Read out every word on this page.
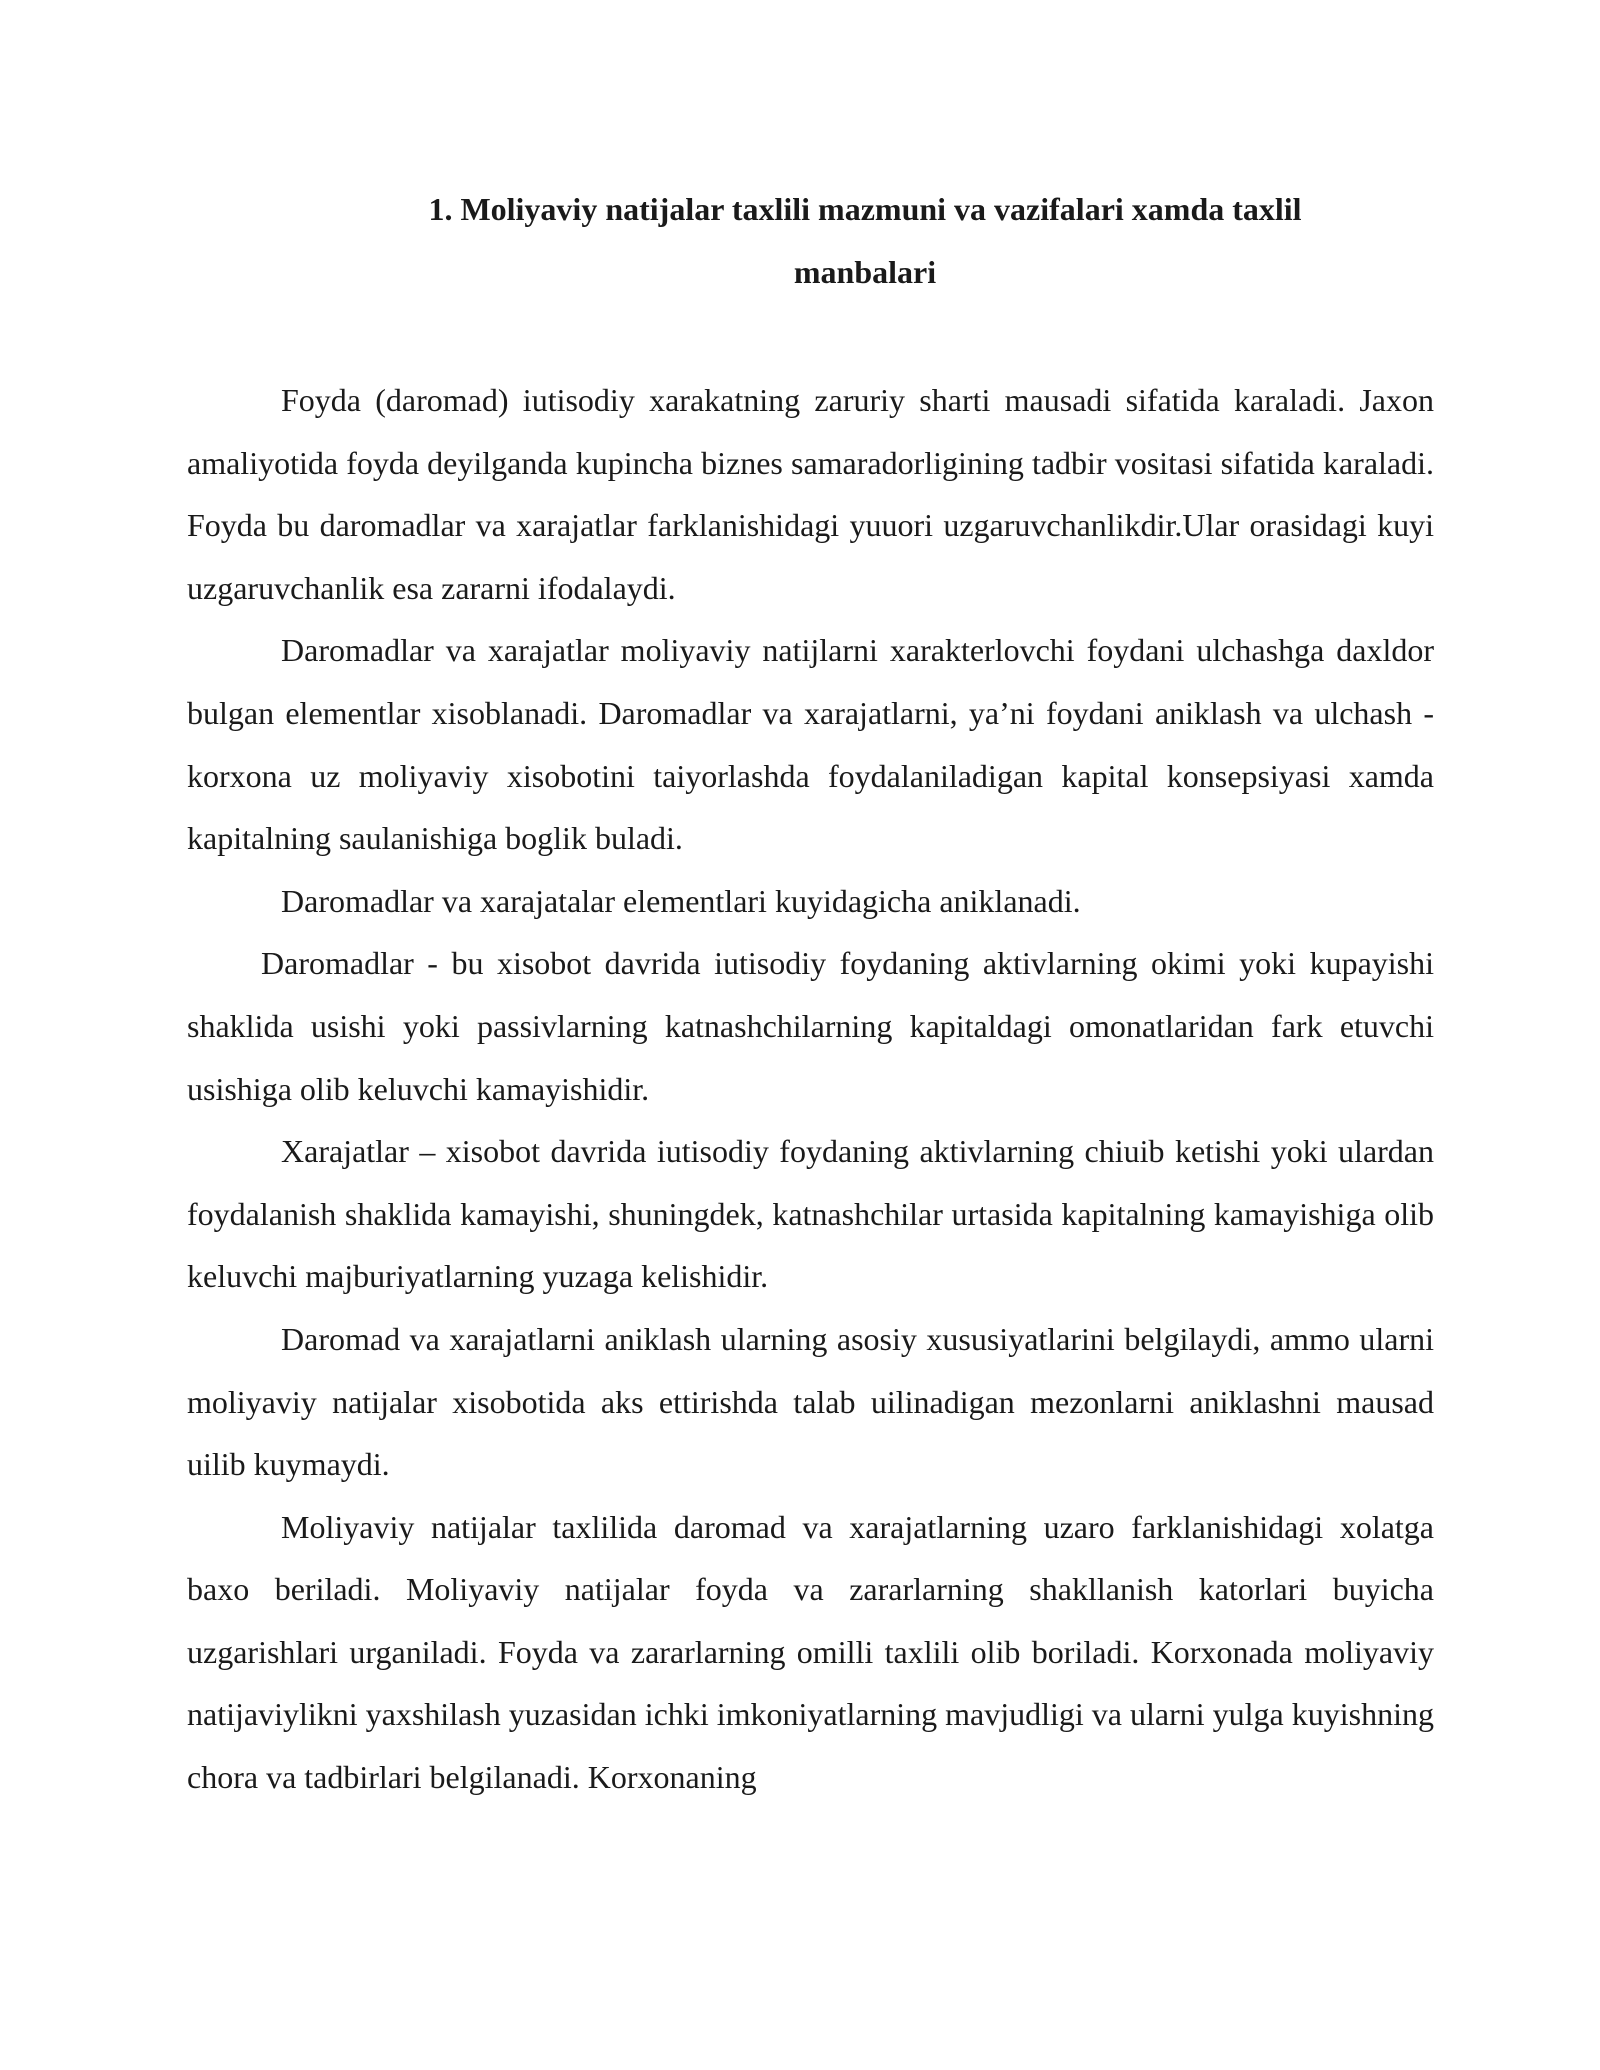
1. Moliyaviy natijalar taxlili mazmuni va vazifalari xamda taxlil manbalari

Foyda (daromad) iutisodiy xarakatning zaruriy sharti mausadi sifatida karaladi. Jaxon amaliyotida foyda deyilganda kupincha biznes samaradorligining tadbir vositasi sifatida karaladi. Foyda bu daromadlar va xarajatlar farklanishidagi yuuori uzgaruvchanlikdir.Ular orasidagi kuyi uzgaruvchanlik esa zararni ifodalaydi.

Daromadlar va xarajatlar moliyaviy natijlarni xarakterlovchi foydani ulchashga daxldor bulgan elementlar xisoblanadi. Daromadlar va xarajatlarni, ya’ni foydani aniklash va ulchash - korxona uz moliyaviy xisobotini taiyorlashda foydalaniladigan kapital konsepsiyasi xamda kapitalning saulanishiga boglik buladi.

Daromadlar va xarajatalar elementlari kuyidagicha aniklanadi.

Daromadlar - bu xisobot davrida iutisodiy foydaning aktivlarning okimi yoki kupayishi shaklida usishi yoki passivlarning katnashchilarning kapitaldagi omonatlaridan fark etuvchi usishiga olib keluvchi kamayishidir.

Xarajatlar – xisobot davrida iutisodiy foydaning aktivlarning chiuib ketishi yoki ulardan foydalanish shaklida kamayishi, shuningdek, katnashchilar urtasida kapitalning kamayishiga olib keluvchi majburiyatlarning yuzaga kelishidir.

Daromad va xarajatlarni aniklash ularning asosiy xususiyatlarini belgilaydi, ammo ularni moliyaviy natijalar xisobotida aks ettirishda talab uilinadigan mezonlarni aniklashni mausad uilib kuymaydi.

Moliyaviy natijalar taxlilida daromad va xarajatlarning uzaro farklanishidagi xolatga baxo beriladi. Moliyaviy natijalar foyda va zararlarning shakllanish katorlari buyicha uzgarishlari urganiladi. Foyda va zararlarning omilli taxlili olib boriladi. Korxonada moliyaviy natijaviylikni yaxshilash yuzasidan ichki imkoniyatlarning mavjudligi va ularni yulga kuyishning chora va tadbirlari belgilanadi. Korxonaning
